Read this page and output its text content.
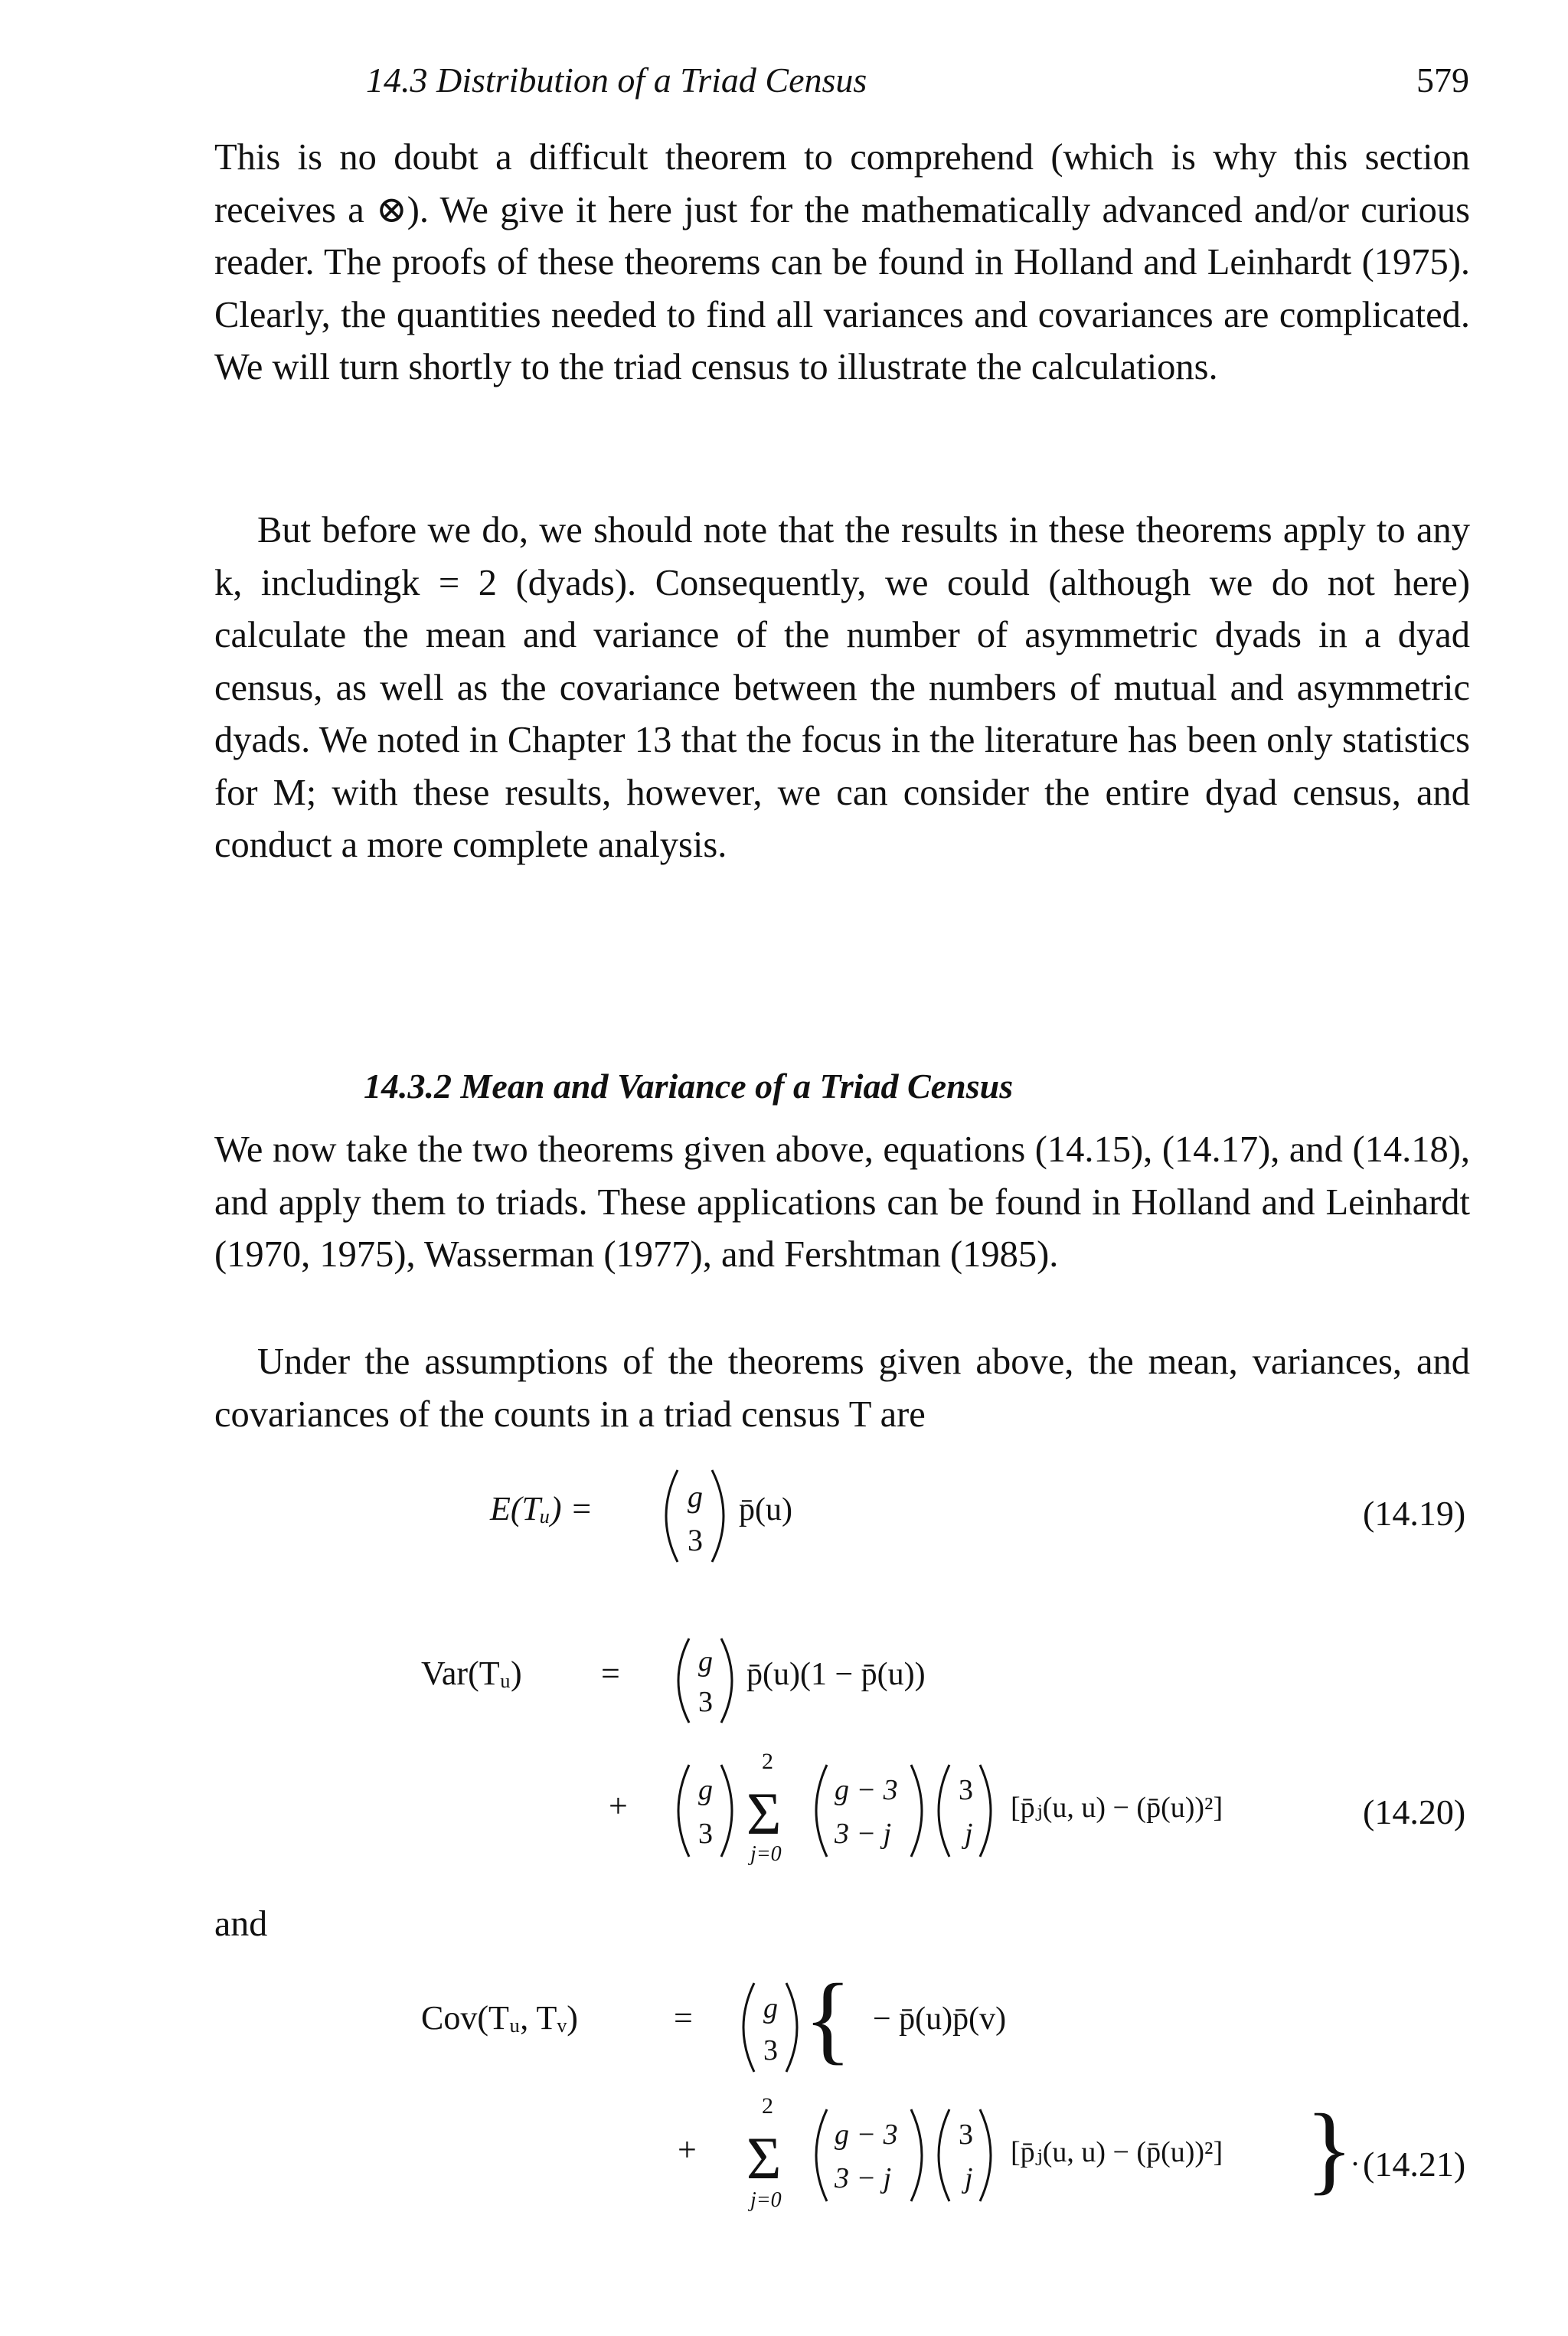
14.3 Distribution of a Triad Census	579

This is no doubt a difficult theorem to comprehend (which is why this section receives a ⊗). We give it here just for the mathematically advanced and/or curious reader. The proofs of these theorems can be found in Holland and Leinhardt (1975). Clearly, the quantities needed to find all variances and covariances are complicated. We will turn shortly to the triad census to illustrate the calculations.

But before we do, we should note that the results in these theorems apply to any k, includingk = 2 (dyads). Consequently, we could (although we do not here) calculate the mean and variance of the number of asymmetric dyads in a dyad census, as well as the covariance between the numbers of mutual and asymmetric dyads. We noted in Chapter 13 that the focus in the literature has been only statistics for M; with these results, however, we can consider the entire dyad census, and conduct a more complete analysis.

14.3.2 Mean and Variance of a Triad Census

We now take the two theorems given above, equations (14.15), (14.17), and (14.18), and apply them to triads. These applications can be found in Holland and Leinhardt (1970, 1975), Wasserman (1977), and Fershtman (1985).

Under the assumptions of the theorems given above, the mean, variances, and covariances of the counts in a triad census T are

E(Tᵤ) =	g
3
p̄(u)	(14.19)
Var(Tᵤ) =	g
3
p̄(u)(1 − p̄(u))
+ g
3
2
Σ
j=0
g − 3
3 − j
3
j
[p̄ⱼ(u, u) − (p̄(u))²]	(14.20)
and
Cov(Tᵤ, Tᵥ)	= g
3 { − p̄(u)p̄(v)
+
2
Σ
j=0
g − 3
3 − j
3
j
[p̄ⱼ(u, u) − (p̄(u))²] }
. (14.21)
